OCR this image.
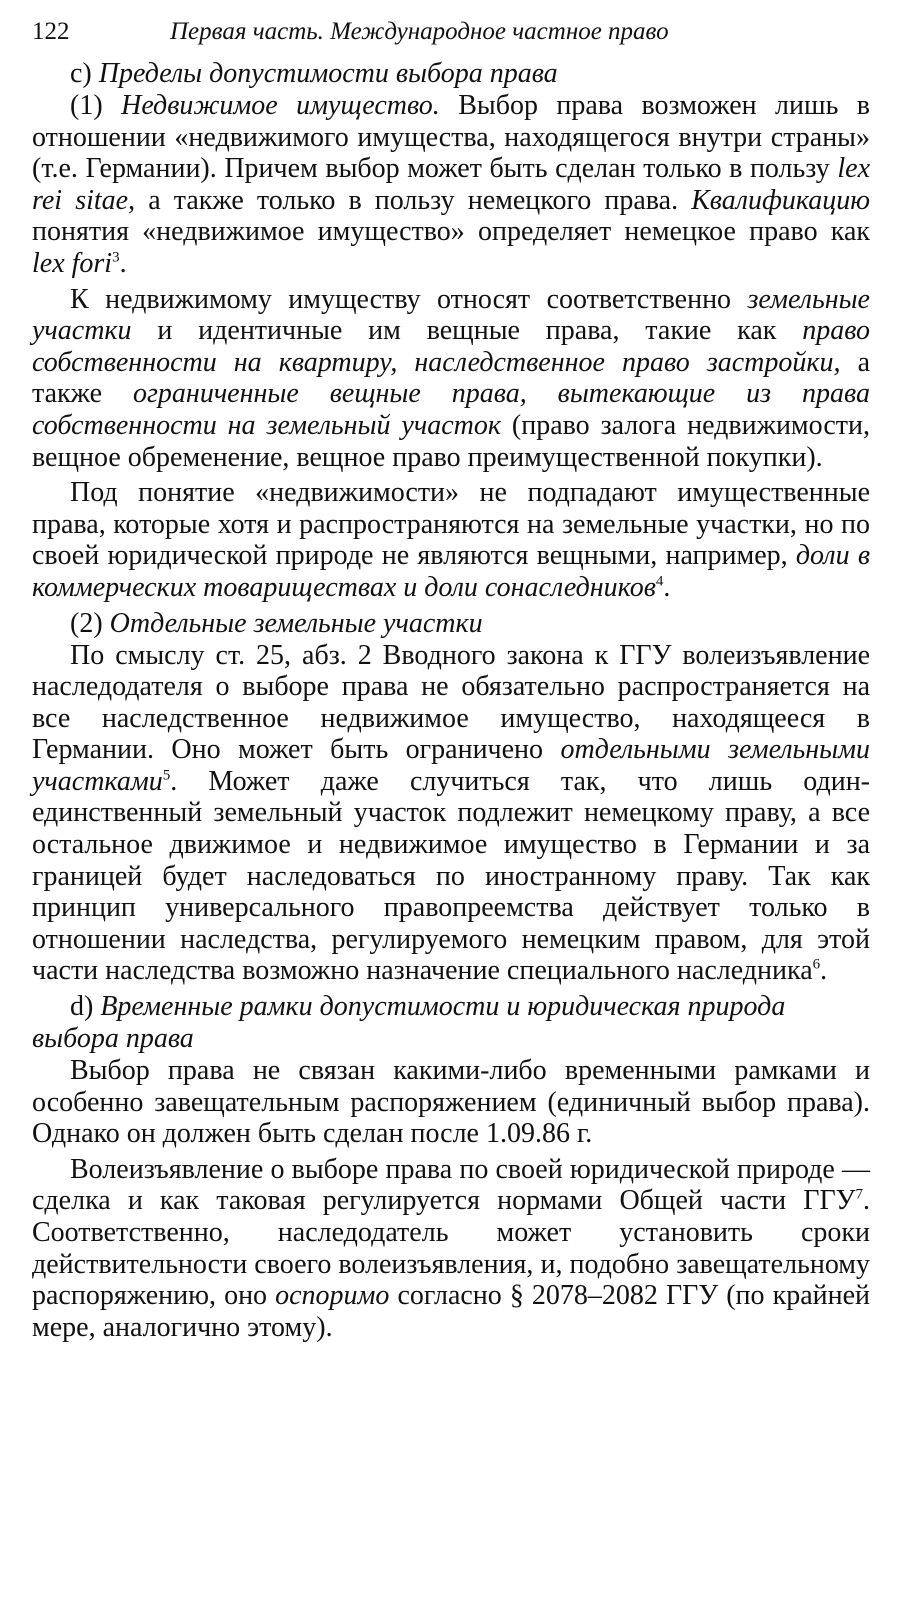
122	Первая часть. Международное частное право

c) Пределы допустимости выбора права

(1) Недвижимое имущество. Выбор права возможен лишь в отношении «недвижимого имущества, находящегося внутри страны» (т.е. Германии). Причем выбор может быть сделан только в пользу lex rei sitae, а также только в пользу немецкого права. Квалификацию понятия «недвижимое имущество» определяет немецкое право как lex fori$^3$.

К недвижимому имуществу относят соответственно земельные участки и идентичные им вещные права, такие как право собственности на квартиру, наследственное право застройки, а также ограниченные вещные права, вытекающие из права собственности на земельный участок (право залога недвижимости, вещное обременение, вещное право преимущественной покупки).

Под понятие «недвижимости» не подпадают имущественные права, которые хотя и распространяются на земельные участки, но по своей юридической природе не являются вещными, например, доли в коммерческих товариществах и доли сонаследников$^4$.

(2) Отдельные земельные участки

По смыслу ст. 25, абз. 2 Вводного закона к ГГУ волеизъявление наследодателя о выборе права не обязательно распространяется на все наследственное недвижимое имущество, находящееся в Германии. Оно может быть ограничено отдельными земельными участками$^5$. Может даже случиться так, что лишь один-единственный земельный участок подлежит немецкому праву, а все остальное движимое и недвижимое имущество в Германии и за границей будет наследоваться по иностранному праву. Так как принцип универсального правопреемства действует только в отношении наследства, регулируемого немецким правом, для этой части наследства возможно назначение специального наследника$^6$.

d) Временные рамки допустимости и юридическая природа выбора права

Выбор права не связан какими-либо временными рамками и особенно завещательным распоряжением (единичный выбор права). Однако он должен быть сделан после 1.09.86 г.

Волеизъявление о выборе права по своей юридической природе — сделка и как таковая регулируется нормами Общей части ГГУ$^7$. Соответственно, наследодатель может установить сроки действительности своего волеизъявления, и, подобно завещательному распоряжению, оно оспоримо согласно § 2078–2082 ГГУ (по крайней мере, аналогично этому).
